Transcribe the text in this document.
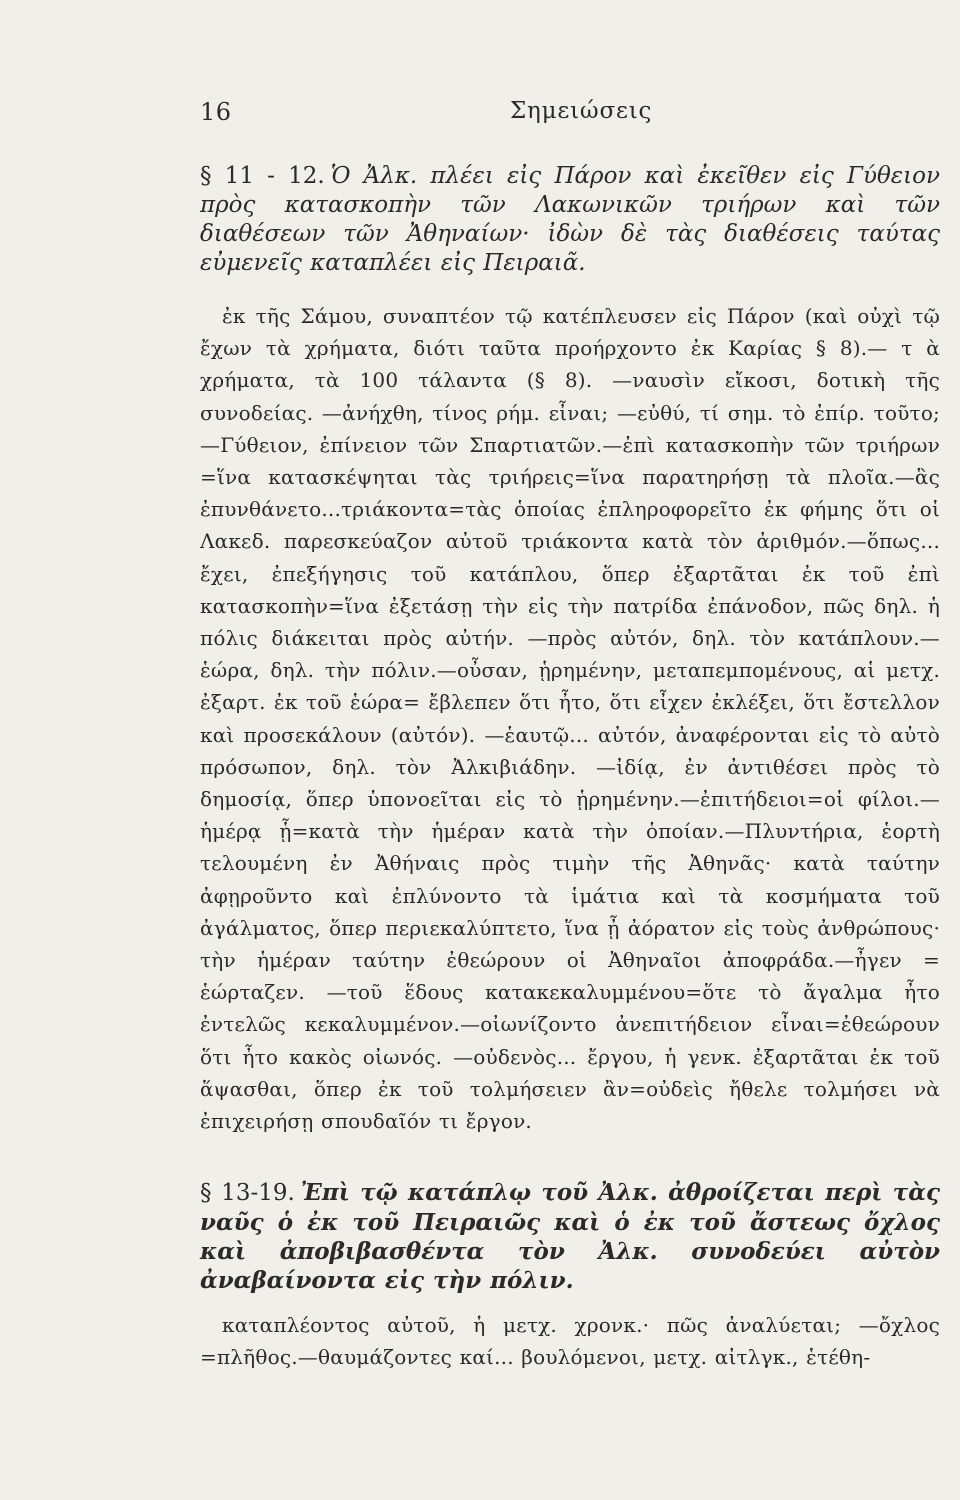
16	Σημειώσεις
§ 11 - 12. Ὁ Ἀλκ. πλέει εἰς Πάρον καὶ ἐκεῖθεν εἰς Γύθειον πρὸς κατασκοπὴν τῶν Λακωνικῶν τριήρων καὶ τῶν διαθέσεων τῶν Ἀθηναίων· ἰδὼν δὲ τὰς διαθέσεις ταύτας εὐμενεῖς καταπλέει εἰς Πειραιᾶ.

ἐκ τῆς Σάμου, συναπτέον τῷ κατέπλευσεν εἰς Πάρον (καὶ οὐχὶ τῷ ἔχων τὰ χρήματα, διότι ταῦτα προήρχοντο ἐκ Καρίας § 8).— τ ὰ χρήματα, τὰ 100 τάλαντα (§ 8). —ναυσὶν εἴκοσι, δοτικὴ τῆς συνοδείας. —ἀνήχθη, τίνος ρήμ. εἶναι; —εὐθύ, τί σημ. τὸ ἐπίρ. τοῦτο;—Γύθειον, ἐπίνειον τῶν Σπαρτιατῶν.—ἐπὶ κατασκοπὴν τῶν τριήρων =ἵνα κατασκέψηται τὰς τριήρεις=ἵνα παρατηρήσῃ τὰ πλοῖα.—ἃς ἐπυνθάνετο...τριάκοντα=τὰς ὁποίας ἐπληροφορεῖτο ἐκ φήμης ὅτι οἱ Λακεδ. παρεσκεύαζον αὐτοῦ τριάκοντα κατὰ τὸν ἀριθμόν.—ὅπως... ἔχει, ἐπεξήγησις τοῦ κατάπλου, ὅπερ ἐξαρτᾶται ἐκ τοῦ ἐπὶ κατασκοπὴν=ἵνα ἐξετάσῃ τὴν εἰς τὴν πατρίδα ἐπάνοδον, πῶς δηλ. ἡ πόλις διάκειται πρὸς αὐτήν. —πρὸς αὐτόν, δηλ. τὸν κατάπλουν.—ἑώρα, δηλ. τὴν πόλιν.—οὖσαν, ᾑρημένην, μεταπεμπομένους, αἱ μετχ. ἐξαρτ. ἐκ τοῦ ἑώρα= ἔβλεπεν ὅτι ἦτο, ὅτι εἶχεν ἐκλέξει, ὅτι ἔστελλον καὶ προσεκάλουν (αὐτόν). —ἑαυτῷ... αὐτόν, ἀναφέρονται εἰς τὸ αὐτὸ πρόσωπον, δηλ. τὸν Ἀλκιβιάδην. —ἰδίᾳ, ἐν ἀντιθέσει πρὸς τὸ δημοσίᾳ, ὅπερ ὑπονοεῖται εἰς τὸ ᾑρημένην.—ἐπιτήδειοι=οἱ φίλοι.—ἡμέρᾳ ᾗ=κατὰ τὴν ἡμέραν κατὰ τὴν ὁποίαν.—Πλυντήρια, ἑορτὴ τελουμένη ἐν Ἀθήναις πρὸς τιμὴν τῆς Ἀθηνᾶς· κατὰ ταύτην ἀφῃροῦντο καὶ ἐπλύνοντο τὰ ἱμάτια καὶ τὰ κοσμήματα τοῦ ἀγάλματος, ὅπερ περιεκαλύπτετο, ἵνα ᾖ ἀόρατον εἰς τοὺς ἀνθρώπους· τὴν ἡμέραν ταύτην ἐθεώρουν οἱ Ἀθηναῖοι ἀποφράδα.—ἦγεν = ἑώρταζεν. —τοῦ ἕδους κατακεκαλυμμένου=ὅτε τὸ ἄγαλμα ἦτο ἐντελῶς κεκαλυμμένον.—οἰωνίζοντο ἀνεπιτήδειον εἶναι=ἐθεώρουν ὅτι ἦτο κακὸς οἰωνός. —οὐδενὸς... ἔργου, ἡ γενκ. ἐξαρτᾶται ἐκ τοῦ ἅψασθαι, ὅπερ ἐκ τοῦ τολμήσειεν ἂν=οὐδεὶς ἤθελε τολμήσει νὰ ἐπιχειρήσῃ σπουδαῖόν τι ἔργον.

§ 13-19. Ἐπὶ τῷ κατάπλῳ τοῦ Ἀλκ. ἀθροίζεται περὶ τὰς ναῦς ὁ ἐκ τοῦ Πειραιῶς καὶ ὁ ἐκ τοῦ ἄστεως ὄχλος καὶ ἀποβιβασθέντα τὸν Ἀλκ. συνοδεύει αὐτὸν ἀναβαίνοντα εἰς τὴν πόλιν.

καταπλέοντος αὐτοῦ, ἡ μετχ. χρονκ.· πῶς ἀναλύεται; —ὄχλος =πλῆθος.—θαυμάζοντες καί... βουλόμενοι, μετχ. αἰτλγκ., ἑτέθη-
